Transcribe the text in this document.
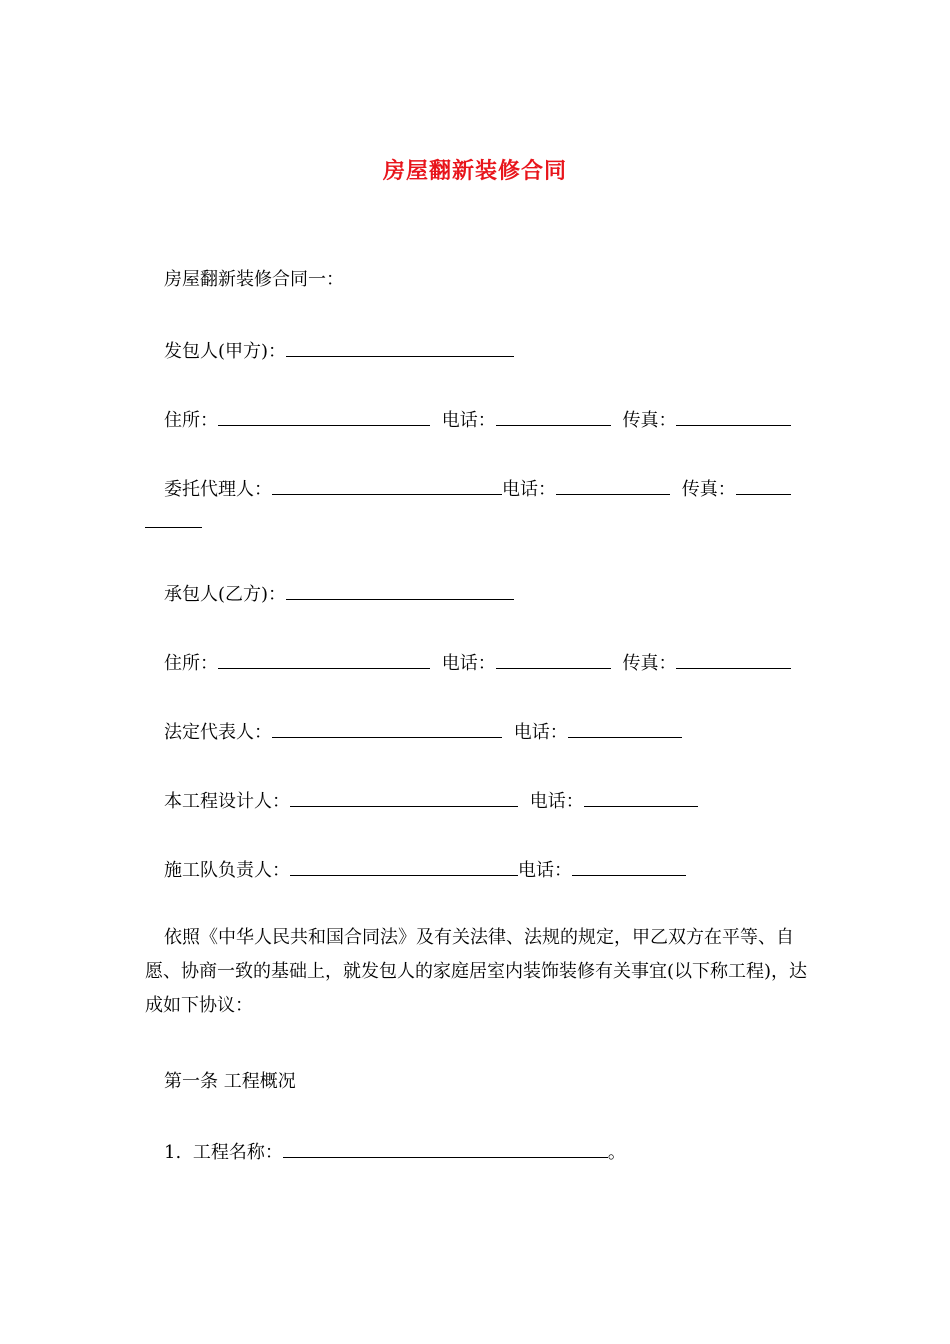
房屋翻新装修合同
房屋翻新装修合同一：
发包人(甲方)：
住所：	电话：	传真：
委托代理人：	电话：	传真：
承包人(乙方)：
住所：	电话：	传真：
法定代表人：	电话：
本工程设计人：	电话：
施工队负责人：	电话：
依照《中华人民共和国合同法》及有关法律、法规的规定，甲乙双方在平等、自愿、协商一致的基础上，就发包人的家庭居室内装饰装修有关事宜(以下称工程)，达成如下协议：
第一条 工程概况
1. 工程名称：	。
